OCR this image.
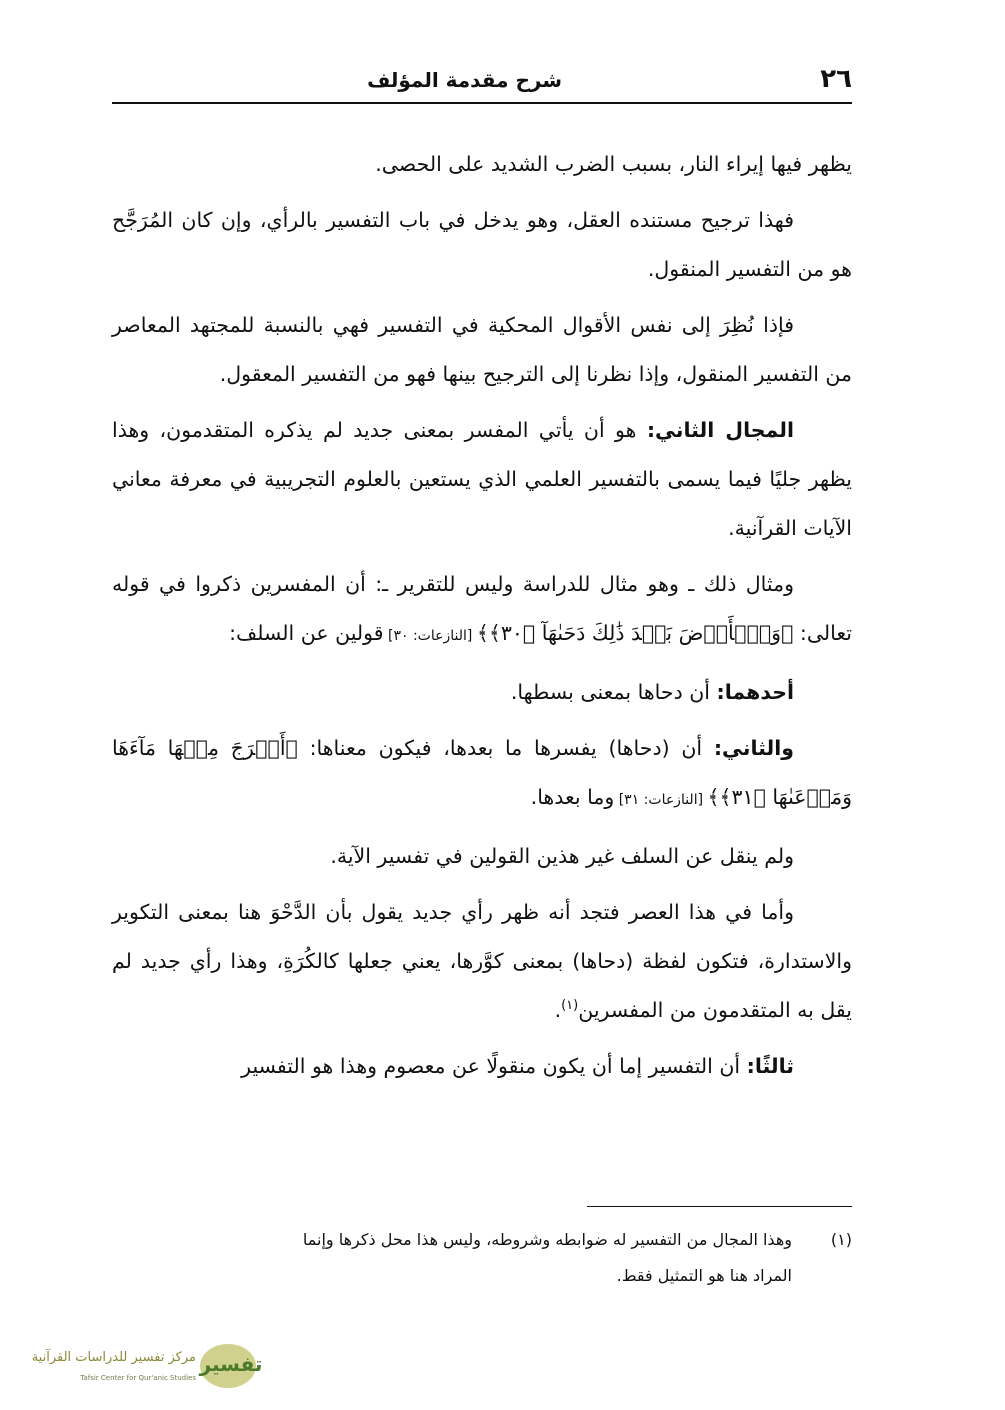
٢٦
شرح مقدمة المؤلف

يظهر فيها إيراء النار، بسبب الضرب الشديد على الحصى.

فهذا ترجيح مستنده العقل، وهو يدخل في باب التفسير بالرأي، وإن كان المُرَجَّح هو من التفسير المنقول.

فإذا نُظِرَ إلى نفس الأقوال المحكية في التفسير فهي بالنسبة للمجتهد المعاصر من التفسير المنقول، وإذا نظرنا إلى الترجيح بينها فهو من التفسير المعقول.

المجال الثاني: هو أن يأتي المفسر بمعنى جديد لم يذكره المتقدمون، وهذا يظهر جليًا فيما يسمى بالتفسير العلمي الذي يستعين بالعلوم التجريبية في معرفة معاني الآيات القرآنية.

ومثال ذلك ـ وهو مثال للدراسة وليس للتقرير ـ: أن المفسرين ذكروا في قوله تعالى: ﴿وَٱلۡأَرۡضَ بَعۡدَ ذَٰلِكَ دَحَىٰهَآ ﴿٣٠﴾﴾ [النازعات: ٣٠] قولين عن السلف:

أحدهما: أن دحاها بمعنى بسطها.

والثاني: أن (دحاها) يفسرها ما بعدها، فيكون معناها: ﴿أَخۡرَجَ مِنۡهَا مَآءَهَا وَمَرۡعَىٰهَا ﴿٣١﴾﴾ [النازعات: ٣١] وما بعدها.

ولم ينقل عن السلف غير هذين القولين في تفسير الآية.

وأما في هذا العصر فتجد أنه ظهر رأي جديد يقول بأن الدَّحْوَ هنا بمعنى التكوير والاستدارة، فتكون لفظة (دحاها) بمعنى كوَّرها، يعني جعلها كالكُرَةِ، وهذا رأي جديد لم يقل به المتقدمون من المفسرين$^{(١)}$.

ثالثًا: أن التفسير إما أن يكون منقولًا عن معصوم وهذا هو التفسير

(١)وهذا المجال من التفسير له ضوابطه وشروطه، وليس هذا محل ذكرها وإنما
المراد هنا هو التمثيل فقط.
تفسير
مركز تفسير للدراسات القرآنية
Tafsir Center for Qur'anic Studies
